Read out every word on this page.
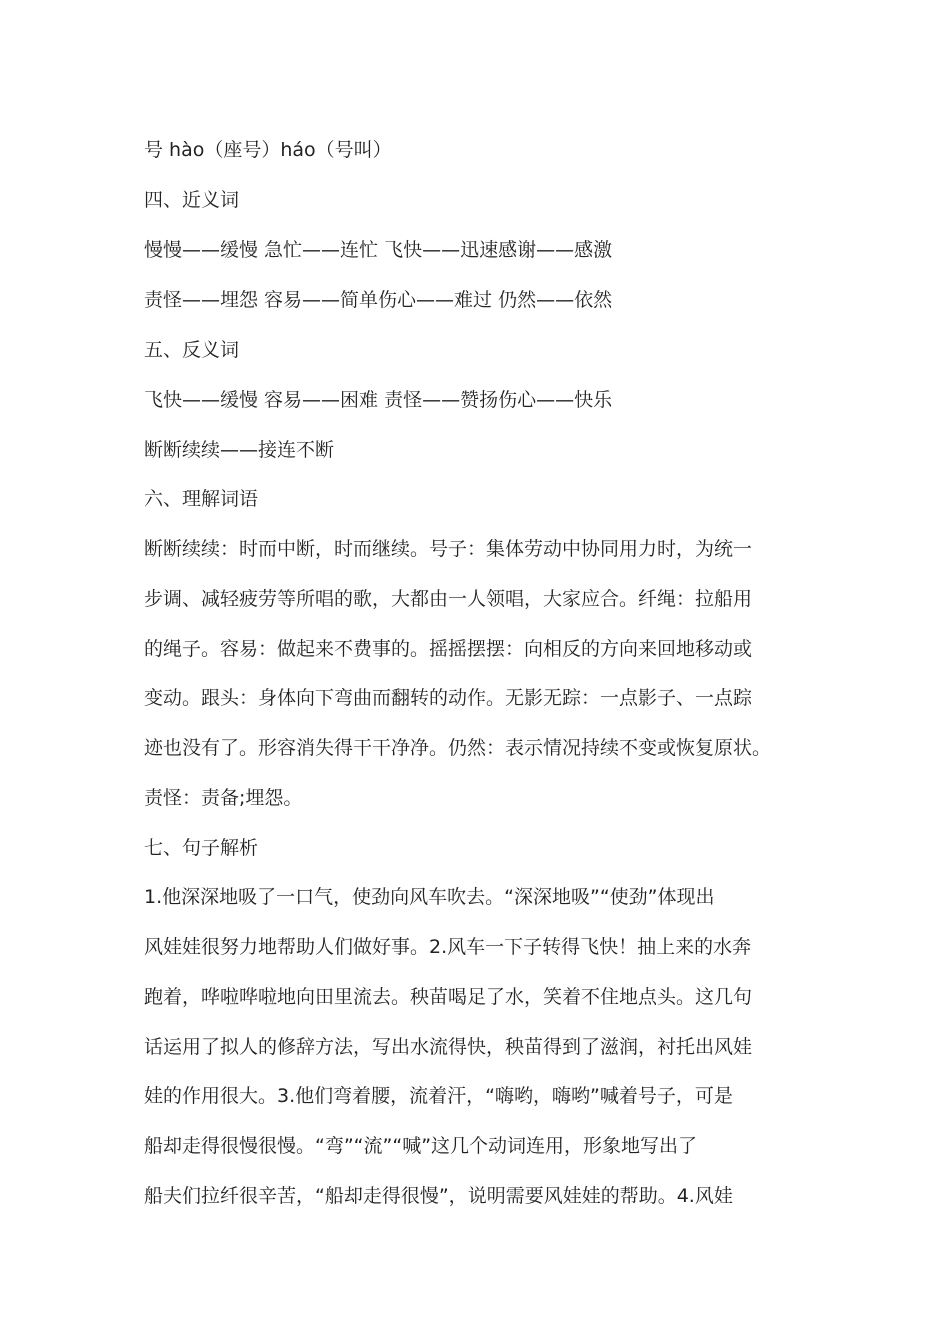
号 hào（座号）háo（号叫）
四、近义词
慢慢——缓慢 急忙——连忙 飞快——迅速感谢——感激
责怪——埋怨 容易——简单伤心——难过 仍然——依然
五、反义词
飞快——缓慢 容易——困难 责怪——赞扬伤心——快乐
断断续续——接连不断
六、理解词语
断断续续：时而中断，时而继续。号子：集体劳动中协同用力时，为统一
步调、减轻疲劳等所唱的歌，大都由一人领唱，大家应合。纤绳：拉船用
的绳子。容易：做起来不费事的。摇摇摆摆：向相反的方向来回地移动或
变动。跟头：身体向下弯曲而翻转的动作。无影无踪：一点影子、一点踪
迹也没有了。形容消失得干干净净。仍然：表示情况持续不变或恢复原状。
责怪：责备;埋怨。
七、句子解析
1.他深深地吸了一口气，使劲向风车吹去。“深深地吸”“使劲”体现出
风娃娃很努力地帮助人们做好事。2.风车一下子转得飞快！抽上来的水奔
跑着，哗啦哗啦地向田里流去。秧苗喝足了水，笑着不住地点头。这几句
话运用了拟人的修辞方法，写出水流得快，秧苗得到了滋润，衬托出风娃
娃的作用很大。3.他们弯着腰，流着汗，“嗨哟，嗨哟”喊着号子，可是
船却走得很慢很慢。“弯”“流”“喊”这几个动词连用，形象地写出了
船夫们拉纤很辛苦，“船却走得很慢”，说明需要风娃娃的帮助。4.风娃
